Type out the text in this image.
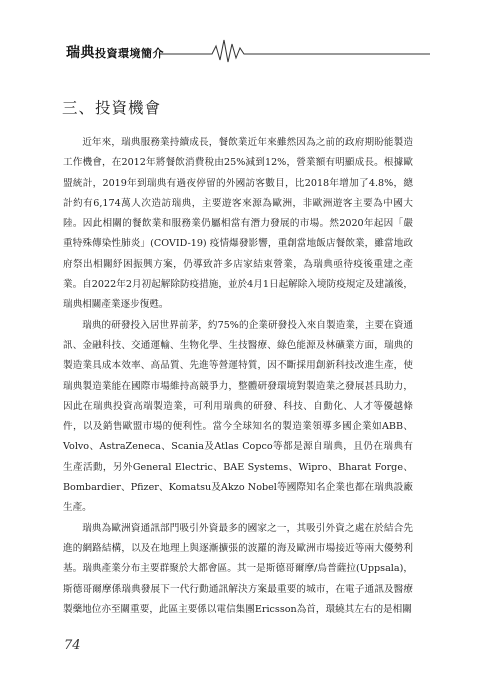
瑞典投資環境簡介
三、投資機會

近年來，瑞典服務業持續成長，餐飲業近年來雖然因為之前的政府期盼能製造工作機會，在2012年將餐飲消費稅由25%減到12%，營業額有明顯成長。根據歐盟統計，2019年到瑞典有過夜停留的外國訪客數目，比2018年增加了4.8%，總計約有6,174萬人次造訪瑞典，主要遊客來源為歐洲，非歐洲遊客主要為中國大陸。因此相關的餐飲業和服務業仍屬相當有潛力發展的市場。然2020年起因「嚴重特殊傳染性肺炎」(COVID-19) 疫情爆發影響，重創當地飯店餐飲業，雖當地政府祭出相關紓困振興方案，仍導致許多店家結束營業，為瑞典亟待疫後重建之產業。自2022年2月初起解除防疫措施，並於4月1日起解除入境防疫規定及建議後，瑞典相關產業逐步復甦。

瑞典的研發投入居世界前茅，約75%的企業研發投入來自製造業，主要在資通訊、金融科技、交通運輸、生物化學、生技醫療、綠色能源及林礦業方面，瑞典的製造業具成本效率、高品質、先進等營運特質，因不斷採用創新科技改進生產，使瑞典製造業能在國際市場維持高競爭力，整體研發環境對製造業之發展甚具助力，因此在瑞典投資高端製造業，可利用瑞典的研發、科技、自動化、人才等優越條件，以及銷售歐盟市場的便利性。當今全球知名的製造業領導多國企業如ABB、Volvo、AstraZeneca、Scania及Atlas Copco等都是源自瑞典，且仍在瑞典有生產活動，另外General Electric、BAE Systems、Wipro、Bharat Forge、Bombardier、Pfizer、Komatsu及Akzo Nobel等國際知名企業也都在瑞典設廠生產。

瑞典為歐洲資通訊部門吸引外資最多的國家之一，其吸引外資之處在於結合先進的網路結構，以及在地理上與逐漸擴張的波羅的海及歐洲市場接近等兩大優勢利基。瑞典產業分布主要群聚於大都會區。其一是斯德哥爾摩/烏普薩拉(Uppsala)，斯德哥爾摩係瑞典發展下一代行動通訊解決方案最重要的城市，在電子通訊及醫療製藥地位亦至關重要，此區主要係以電信集團Ericsson為首，環繞其左右的是相關

74
